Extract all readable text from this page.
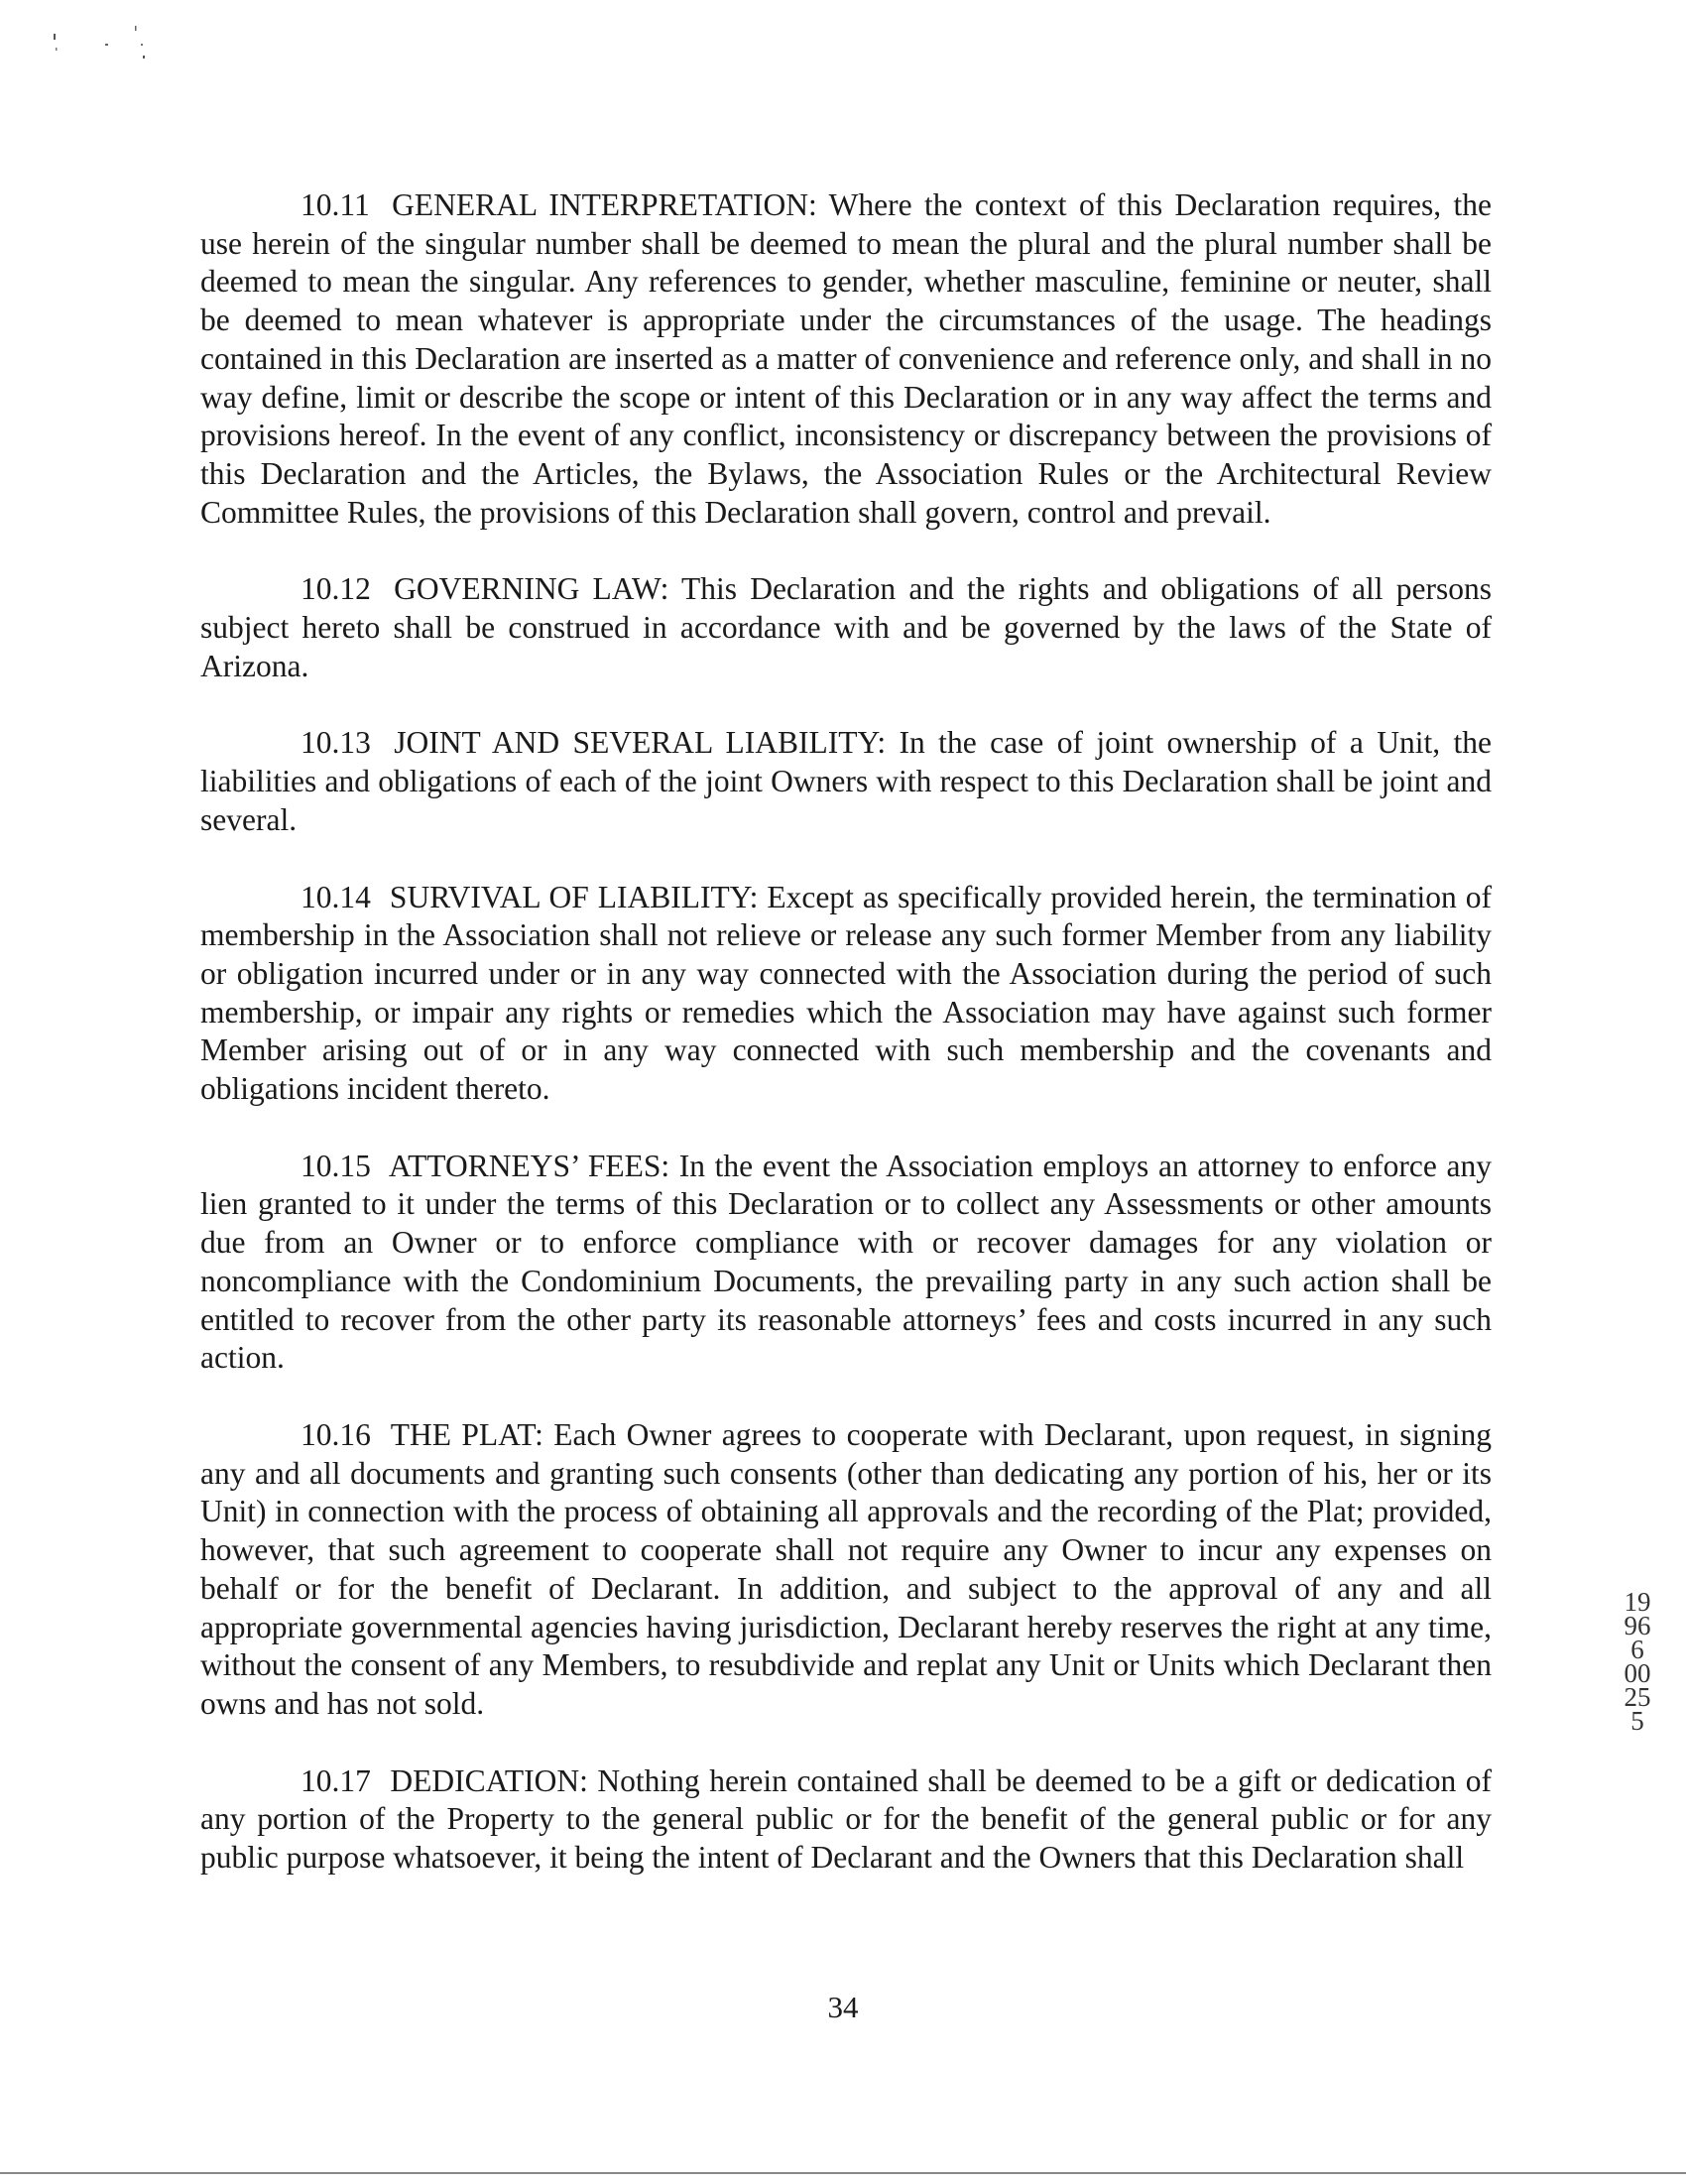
10.11 GENERAL INTERPRETATION: Where the context of this Declaration requires, the use herein of the singular number shall be deemed to mean the plural and the plural number shall be deemed to mean the singular. Any references to gender, whether masculine, feminine or neuter, shall be deemed to mean whatever is appropriate under the circumstances of the usage. The headings contained in this Declaration are inserted as a matter of convenience and reference only, and shall in no way define, limit or describe the scope or intent of this Declaration or in any way affect the terms and provisions hereof. In the event of any conflict, inconsistency or discrepancy between the provisions of this Declaration and the Articles, the Bylaws, the Association Rules or the Architectural Review Committee Rules, the provisions of this Declaration shall govern, control and prevail.

10.12 GOVERNING LAW: This Declaration and the rights and obligations of all persons subject hereto shall be construed in accordance with and be governed by the laws of the State of Arizona.

10.13 JOINT AND SEVERAL LIABILITY: In the case of joint ownership of a Unit, the liabilities and obligations of each of the joint Owners with respect to this Declaration shall be joint and several.

10.14 SURVIVAL OF LIABILITY: Except as specifically provided herein, the termination of membership in the Association shall not relieve or release any such former Member from any liability or obligation incurred under or in any way connected with the Association during the period of such membership, or impair any rights or remedies which the Association may have against such former Member arising out of or in any way connected with such membership and the covenants and obligations incident thereto.

10.15 ATTORNEYS’ FEES: In the event the Association employs an attorney to enforce any lien granted to it under the terms of this Declaration or to collect any Assessments or other amounts due from an Owner or to enforce compliance with or recover damages for any violation or noncompliance with the Condominium Documents, the prevailing party in any such action shall be entitled to recover from the other party its reasonable attorneys’ fees and costs incurred in any such action.

10.16 THE PLAT: Each Owner agrees to cooperate with Declarant, upon request, in signing any and all documents and granting such consents (other than dedicating any portion of his, her or its Unit) in connection with the process of obtaining all approvals and the recording of the Plat; provided, however, that such agreement to cooperate shall not require any Owner to incur any expenses on behalf or for the benefit of Declarant. In addition, and subject to the approval of any and all appropriate governmental agencies having jurisdiction, Declarant hereby reserves the right at any time, without the consent of any Members, to resubdivide and replat any Unit or Units which Declarant then owns and has not sold.

10.17 DEDICATION: Nothing herein contained shall be deemed to be a gift or dedication of any portion of the Property to the general public or for the benefit of the general public or for any public purpose whatsoever, it being the intent of Declarant and the Owners that this Declaration shall

19966 00255
34
